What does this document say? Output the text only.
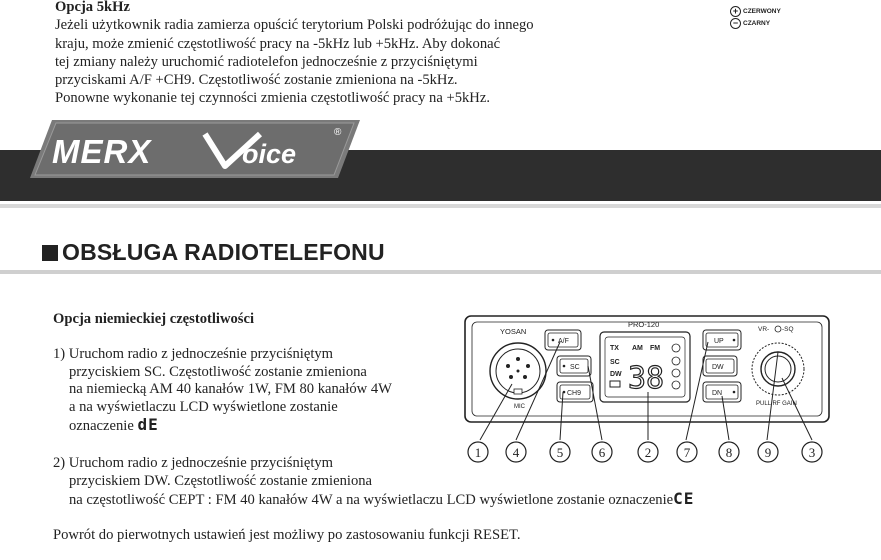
Opcja 5kHz
Jeżeli użytkownik radia zamierza opuścić terytorium Polski podróżując do innego
kraju, może zmienić częstotliwość pracy na -5kHz lub +5kHz. Aby dokonać
tej zmiany należy uruchomić radiotelefon jednocześnie z przyciśniętymi
przyciskami A/F +CH9. Częstotliwość zostanie zmieniona na -5kHz.
Ponowne wykonanie tej czynności zmienia częstotliwość pracy na +5kHz.
+ CZERWONY
− CZARNY
MERX	oice
®
OBSŁUGA RADIOTELEFONU
Opcja niemieckiej częstotliwości
1) Uruchom radio z jednocześnie przyciśniętym
przyciskiem SC. Częstotliwość zostanie zmieniona
na niemiecką AM 40 kanałów 1W, FM 80 kanałów 4W
a na wyświetlaczu LCD wyświetlone zostanie
oznaczenie dE
2) Uruchom radio z jednocześnie przyciśniętym
przyciskiem DW. Częstotliwość zostanie zmieniona
na częstotliwość CEPT : FM 40 kanałów 4W a na wyświetlaczu LCD wyświetlone zostanie oznaczenieCE
Powrót do pierwotnych ustawień jest możliwy po zastosowaniu funkcji RESET.
YOSAN
PRO-120
MIC
A/F
SC
CH9
TX AM FM
SC
DW 38
UP
DW
DN
VR- -SQ
PULL RF GAIN
1 4	5	6	2	7	8	9	3
